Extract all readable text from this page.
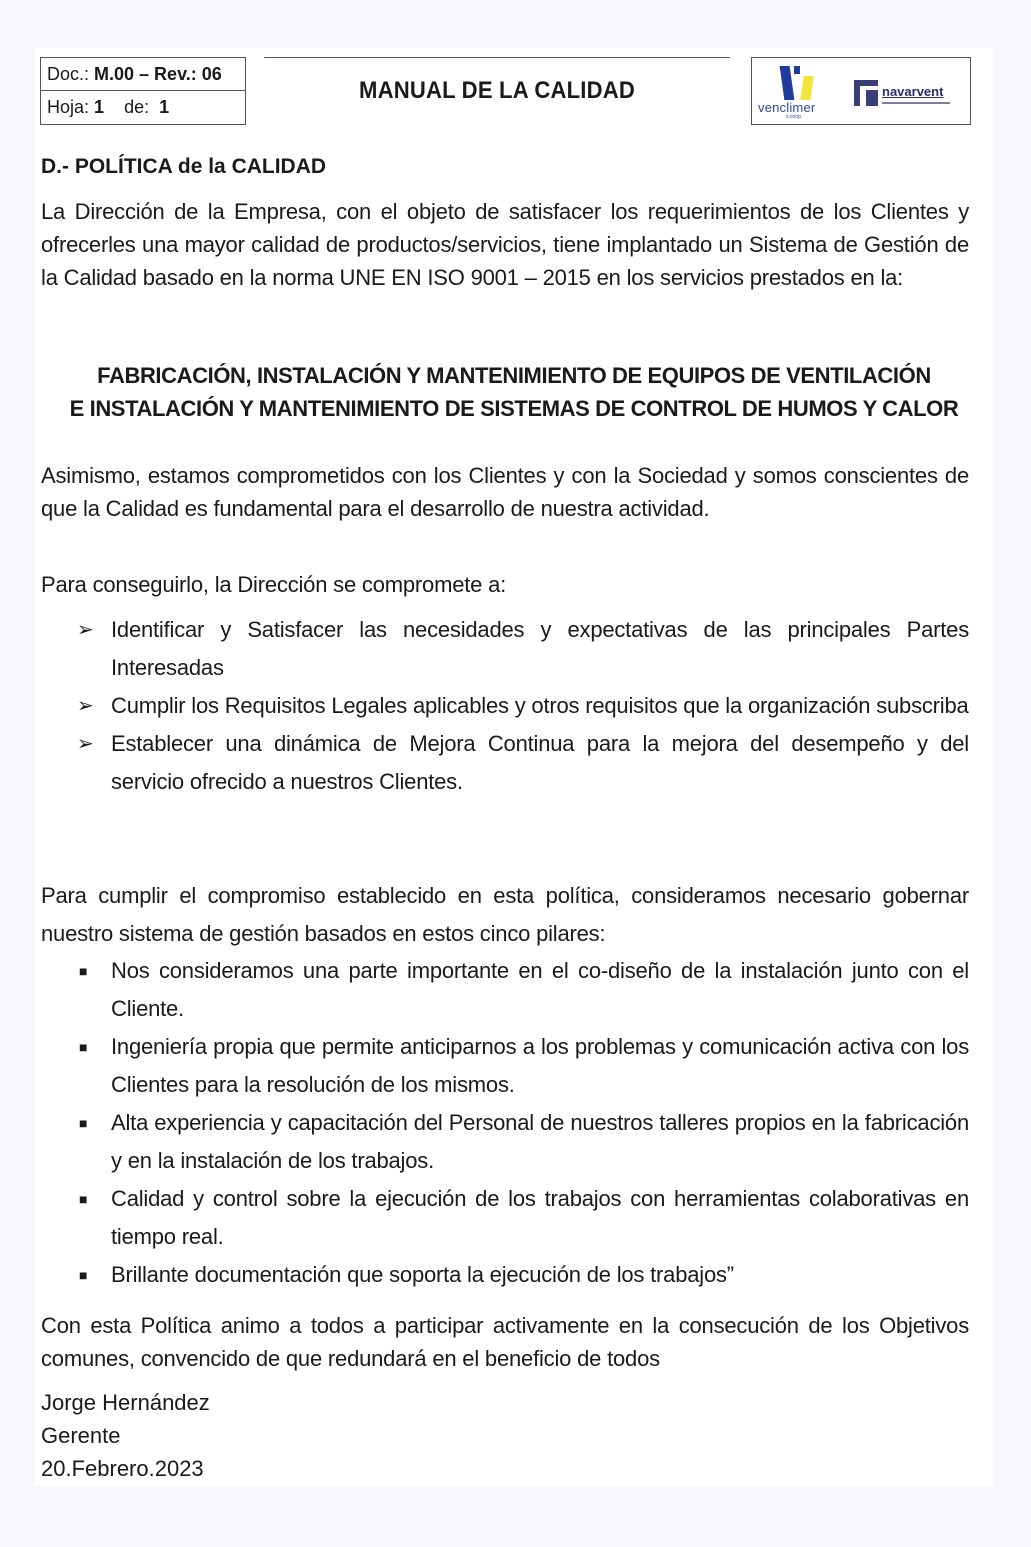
Doc.: M.00 – Rev.: 06
Hoja: 1 de: 1
MANUAL DE LA CALIDAD
venclimer
s.coop.
navarvent
D.- POLÍTICA de la CALIDAD
La Dirección de la Empresa, con el objeto de satisfacer los requerimientos de los Clientes y ofrecerles una mayor calidad de productos/servicios, tiene implantado un Sistema de Gestión de la Calidad basado en la norma UNE EN ISO 9001 – 2015 en los servicios prestados en la:
FABRICACIÓN, INSTALACIÓN Y MANTENIMIENTO DE EQUIPOS DE VENTILACIÓN
E INSTALACIÓN Y MANTENIMIENTO DE SISTEMAS DE CONTROL DE HUMOS Y CALOR
Asimismo, estamos comprometidos con los Clientes y con la Sociedad y somos conscientes de que la Calidad es fundamental para el desarrollo de nuestra actividad.
Para conseguirlo, la Dirección se compromete a:
➢ Identificar y Satisfacer las necesidades y expectativas de las principales Partes Interesadas
➢ Cumplir los Requisitos Legales aplicables y otros requisitos que la organización subscriba
➢ Establecer una dinámica de Mejora Continua para la mejora del desempeño y del servicio ofrecido a nuestros Clientes.
Para cumplir el compromiso establecido en esta política, consideramos necesario gobernar nuestro sistema de gestión basados en estos cinco pilares:
■ Nos consideramos una parte importante en el co-diseño de la instalación junto con el Cliente.
■ Ingeniería propia que permite anticiparnos a los problemas y comunicación activa con los Clientes para la resolución de los mismos.
■ Alta experiencia y capacitación del Personal de nuestros talleres propios en la fabricación y en la instalación de los trabajos.
■ Calidad y control sobre la ejecución de los trabajos con herramientas colaborativas en tiempo real.
■ Brillante documentación que soporta la ejecución de los trabajos”
Con esta Política animo a todos a participar activamente en la consecución de los Objetivos comunes, convencido de que redundará en el beneficio de todos
Jorge Hernández
Gerente
20.Febrero.2023
